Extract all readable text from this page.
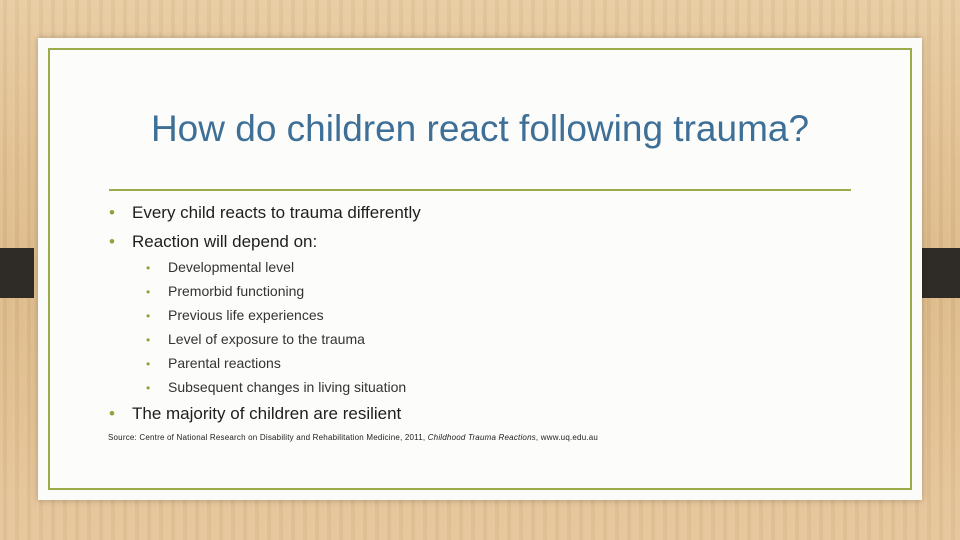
How do children react following trauma?
• Every child reacts to trauma differently
• Reaction will depend on:
• Developmental level
• Premorbid functioning
• Previous life experiences
• Level of exposure to the trauma
• Parental reactions
• Subsequent changes in living situation
• The majority of children are resilient
Source: Centre of National Research on Disability and Rehabilitation Medicine, 2011, Childhood Trauma Reactions, www.uq.edu.au
